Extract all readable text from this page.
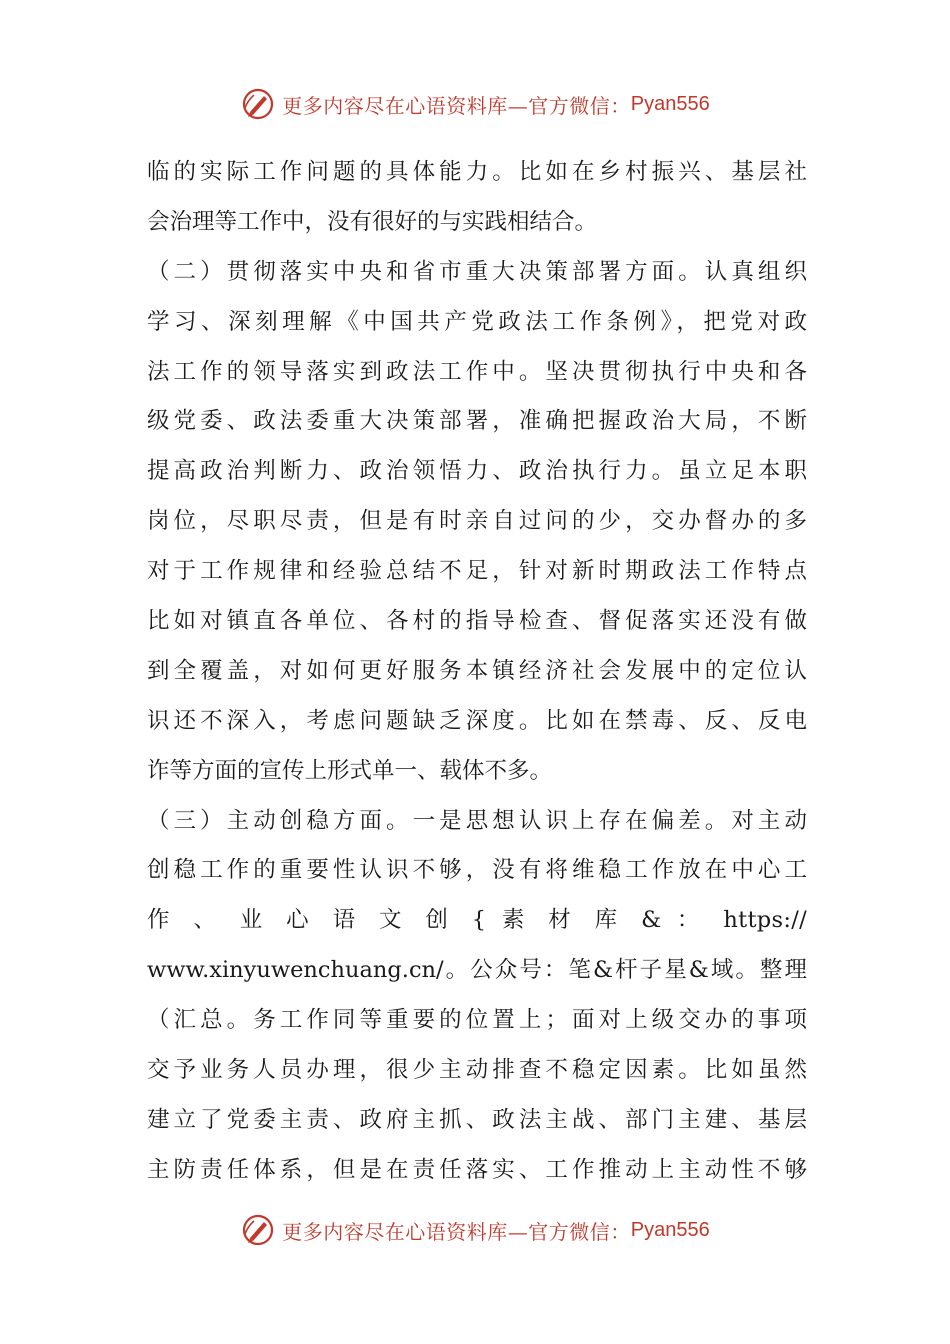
更多内容尽在心语资料库—官方微信： Pyan556
临的实际工作问题的具体能力。比如在乡村振兴、基层社
会治理等工作中，没有很好的与实践相结合。
（二）贯彻落实中央和省市重大决策部署方面。认真组织
学习、深刻理解《中国共产党政法工作条例》，把党对政
法工作的领导落实到政法工作中。坚决贯彻执行中央和各
级党委、政法委重大决策部署，准确把握政治大局，不断
提高政治判断力、政治领悟力、政治执行力。虽立足本职
岗位，尽职尽责，但是有时亲自过问的少，交办督办的多
对于工作规律和经验总结不足，针对新时期政法工作特点
比如对镇直各单位、各村的指导检查、督促落实还没有做
到全覆盖，对如何更好服务本镇经济社会发展中的定位认
识还不深入，考虑问题缺乏深度。比如在禁毒、反、反电
诈等方面的宣传上形式单一、载体不多。
（三）主动创稳方面。一是思想认识上存在偏差。对主动
创稳工作的重要性认识不够，没有将维稳工作放在中心工
作 、 业 心 语 文 创 { 素 材 库 & ： https://
www.xinyuwenchuang.cn/。公众号：笔&杆子星&域。整理
（汇总。务工作同等重要的位置上；面对上级交办的事项
交予业务人员办理，很少主动排查不稳定因素。比如虽然
建立了党委主责、政府主抓、政法主战、部门主建、基层
主防责任体系，但是在责任落实、工作推动上主动性不够
更多内容尽在心语资料库—官方微信： Pyan556
